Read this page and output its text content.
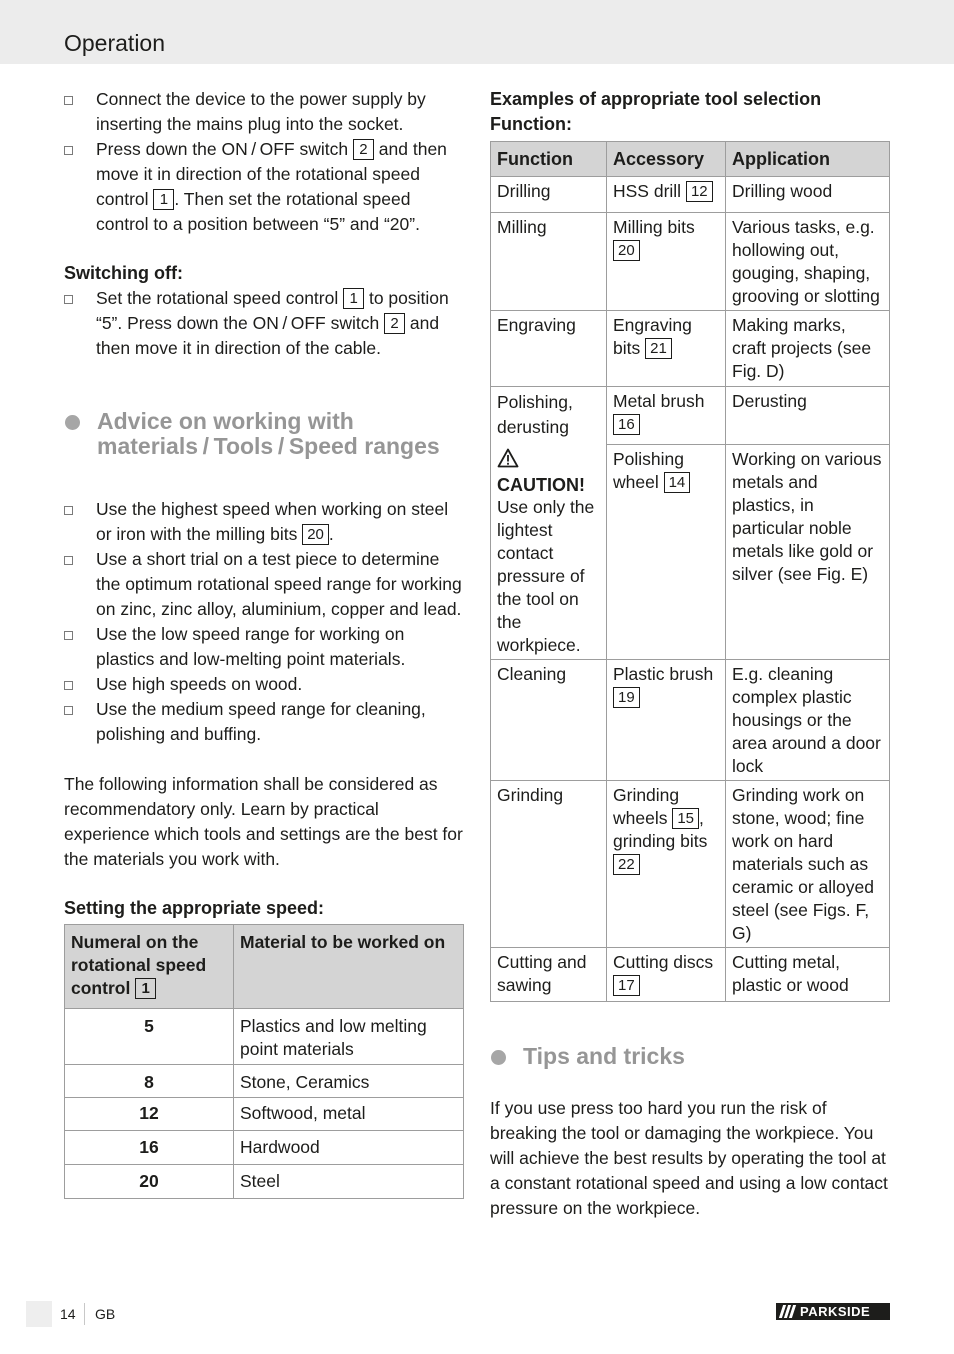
Operation
Connect the device to the power supply by inserting the mains plug into the socket.
Press down the ON / OFF switch 2 and then move it in direction of the rotational speed control 1 . Then set the rotational speed control to a position between “5” and “20”.
Switching off:
Set the rotational speed control 1 to position “5”. Press down the ON / OFF switch 2 and then move it in direction of the cable.
Advice on working with materials / Tools / Speed ranges
Use the highest speed when working on steel or iron with the milling bits 20 .
Use a short trial on a test piece to determine the optimum rotational speed range for working on zinc, zinc alloy, aluminium, copper and lead.
Use the low speed range for working on plastics and low-melting point materials.
Use high speeds on wood.
Use the medium speed range for cleaning, polishing and buffing.

The following information shall be considered as recommendatory only. Learn by practical experience which tools and settings are the best for the materials you work with.

Setting the appropriate speed:
Numeral on the rotational speed control 1	Material to be worked on
5	Plastics and low melting point materials
8	Stone, Ceramics
12	Softwood, metal
16	Hardwood
20	Steel
Examples of appropriate tool selection Function:
Function	Accessory	Application
Drilling	HSS drill 12	Drilling wood
Milling	Milling bits 20	Various tasks, e.g. hollowing out, gouging, shaping, grooving or slotting
Engraving	Engraving bits 21	Making marks, craft projects (see Fig. D)

Polishing, derusting
CAUTION!
Use only the lightest contact pressure of the tool on the workpiece.	Metal brush 16	Derusting
	Polishing wheel 14	Working on various metals and plastics, in particular noble metals like gold or silver (see Fig. E)
Cleaning	Plastic brush 19	E.g. cleaning complex plastic housings or the area around a door lock
Grinding	Grinding wheels 15 , grinding bits 22	Grinding work on stone, wood; fine work on hard materials such as ceramic or alloyed steel (see Figs. F, G)
Cutting and sawing	Cutting discs 17	Cutting metal, plastic or wood
Tips and tricks

If you use press too hard you run the risk of breaking the tool or damaging the workpiece. You will achieve the best results by operating the tool at a constant rotational speed and using a low contact pressure on the workpiece.

14 GB	PARKSIDE
